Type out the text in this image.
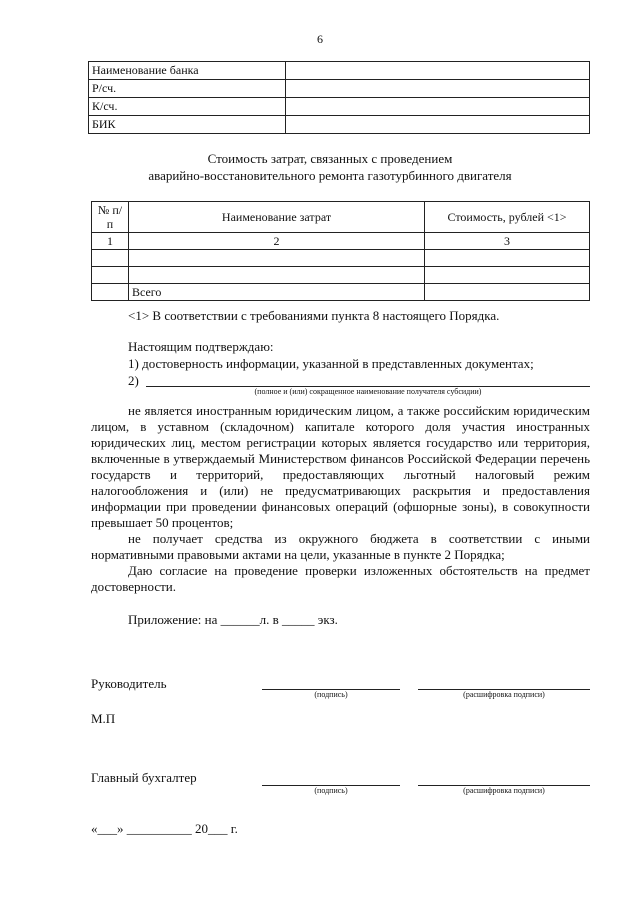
6
Наименование банка	
Р/сч.	
К/сч.	
БИК	
Стоимость затрат, связанных с проведением
аварийно-восстановительного ремонта газотурбинного двигателя
№ п/п	Наименование затрат	Стоимость, рублей <1>
1	2	3

	Всего	
<1> В соответствии с требованиями пункта 8 настоящего Порядка.
Настоящим подтверждаю:
1) достоверность информации, указанной в представленных документах;
2)
(полное и (или) сокращенное наименование получателя субсидии)
не является иностранным юридическим лицом, а также российским юридическим лицом, в уставном (складочном) капитале которого доля участия иностранных юридических лиц, местом регистрации которых является государство или территория, включенные в утверждаемый Министерством финансов Российской Федерации перечень государств и территорий, предоставляющих льготный налоговый режим налогообложения и (или) не предусматривающих раскрытия и предоставления информации при проведении финансовых операций (офшорные зоны), в совокупности превышает 50 процентов;
не получает средства из окружного бюджета в соответствии с иными нормативными правовыми актами на цели, указанные в пункте 2 Порядка;
Даю согласие на проведение проверки изложенных обстоятельств на предмет достоверности.
Приложение: на ______л. в _____ экз.
Руководитель
(подпись)	(расшифровка подписи)
М.П
Главный бухгалтер
(подпись)	(расшифровка подписи)
«___» __________ 20___ г.
